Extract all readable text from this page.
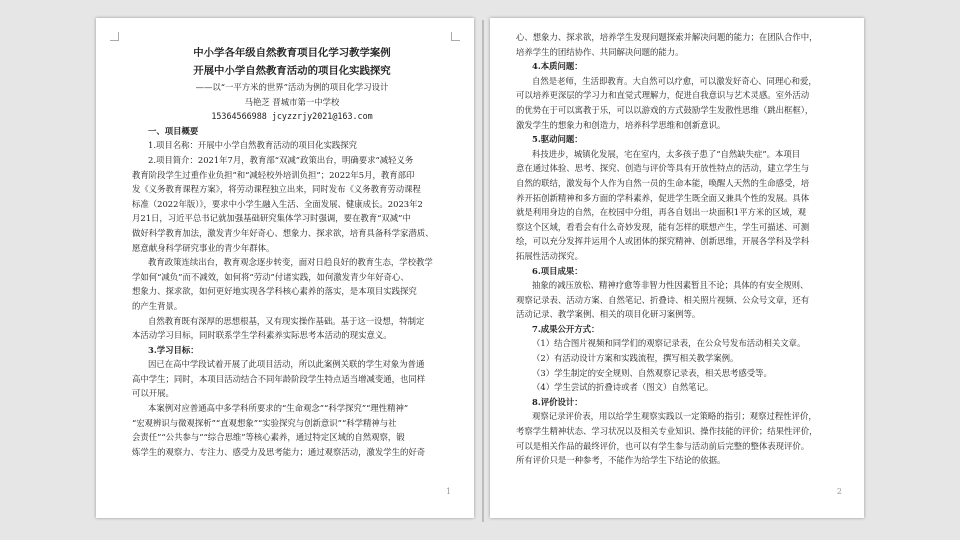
中小学各年级自然教育项目化学习教学案例
开展中小学自然教育活动的项目化实践探究
——以“一平方米的世界”活动为例的项目化学习设计
马艳芝 晋城市第一中学校
15364566988 jcyzzrjy2021@163.com
一、项目概要
1.项目名称：开展中小学自然教育活动的项目化实践探究
2.项目简介：2021年7月，教育部“双减”政策出台，明确要求“减轻义务
教育阶段学生过重作业负担”和“减轻校外培训负担”；2022年5月，教育部印
发《义务教育课程方案》，将劳动课程独立出来，同时发布《义务教育劳动课程
标准（2022年版）》，要求中小学生融入生活、全面发展、健康成长。2023年2
月21日，习近平总书记就加强基础研究集体学习时强调，要在教育“双减”中
做好科学教育加法，激发青少年好奇心、想象力、探求欲，培育具备科学家潜质、
愿意献身科学研究事业的青少年群体。
教育政策连续出台，教育观念逐步转变，面对日趋良好的教育生态，学校教学
学如何“减负”而不减效，如何将“劳动”付诸实践，如何激发青少年好奇心、
想象力、探求欲，如何更好地实现各学科核心素养的落实，是本项目实践探究
的产生背景。
自然教育既有深厚的思想根基，又有现实操作基础。基于这一设想，特制定
本活动学习目标，同时联系学生学科素养实际思考本活动的现实意义。
3.学习目标：
因已在高中学段试着开展了此项目活动，所以此案例关联的学生对象为普通
高中学生；同时，本项目活动结合不同年龄阶段学生特点适当增减变通，也同样
可以开展。
本案例对应普通高中多学科所要求的“生命观念”“科学探究”“理性精神”
“宏观辨识与微观探析”“直观想象”“实验探究与创新意识”“科学精神与社
会责任”“公共参与”“综合思维”等核心素养，通过特定区域的自然观察，锻
炼学生的观察力、专注力、感受力及思考能力；通过观察活动，激发学生的好奇
1
心、想象力、探求欲，培养学生发现问题探索并解决问题的能力；在团队合作中，
培养学生的团结协作、共同解决问题的能力。
4.本质问题：
自然是老师，生活即教育。大自然可以疗愈，可以激发好奇心、同理心和爱，
可以培养更深层的学习力和直觉式理解力，促进自我意识与艺术灵感。室外活动
的优势在于可以寓教于乐，可以以游戏的方式鼓励学生发散性思维（跳出框框），
激发学生的想象力和创造力，培养科学思维和创新意识。
5.驱动问题：
科技进步，城镇化发展，宅在室内，太多孩子患了“自然缺失症”。本项目
意在通过体验、思考、探究、创造与评价等具有开放性特点的活动，建立学生与
自然的联结，激发每个人作为自然一员的生命本能，唤醒人天然的生命感受，培
养开拓创新精神和多方面的学科素养，促进学生既全面又兼具个性的发展。具体
就是利用身边的自然，在校园中分组，再各自划出一块面积1平方米的区域，观
察这个区域，看看会有什么奇妙发现，能有怎样的联想产生，学生可描述、可测
绘，可以充分发挥并运用个人或团体的探究精神、创新思维，开展各学科及学科
拓展性活动探究。
6.项目成果：
抽象的减压放松、精神疗愈等非智力性因素暂且不论；具体的有安全规则、
观察记录表、活动方案、自然笔记、折叠诗、相关照片视频、公众号文章，还有
活动记录、教学案例、相关的项目化研习案例等。
7.成果公开方式：
（1）结合图片视频和同学们的观察记录表，在公众号发布活动相关文章。
（2）有活动设计方案和实践流程，撰写相关教学案例。
（3）学生制定的安全规则、自然观察记录表，相关思考感受等。
（4）学生尝试的折叠诗或者（图文）自然笔记。
8.评价设计：
观察记录评价表，用以给学生观察实践以一定策略的指引；观察过程性评价，
考察学生精神状态、学习状况以及相关专业知识、操作技能的评价；结果性评价，
可以是相关作品的最终评价，也可以有学生参与活动前后完整的整体表现评价。
所有评价只是一种参考，不能作为给学生下结论的依据。
2
